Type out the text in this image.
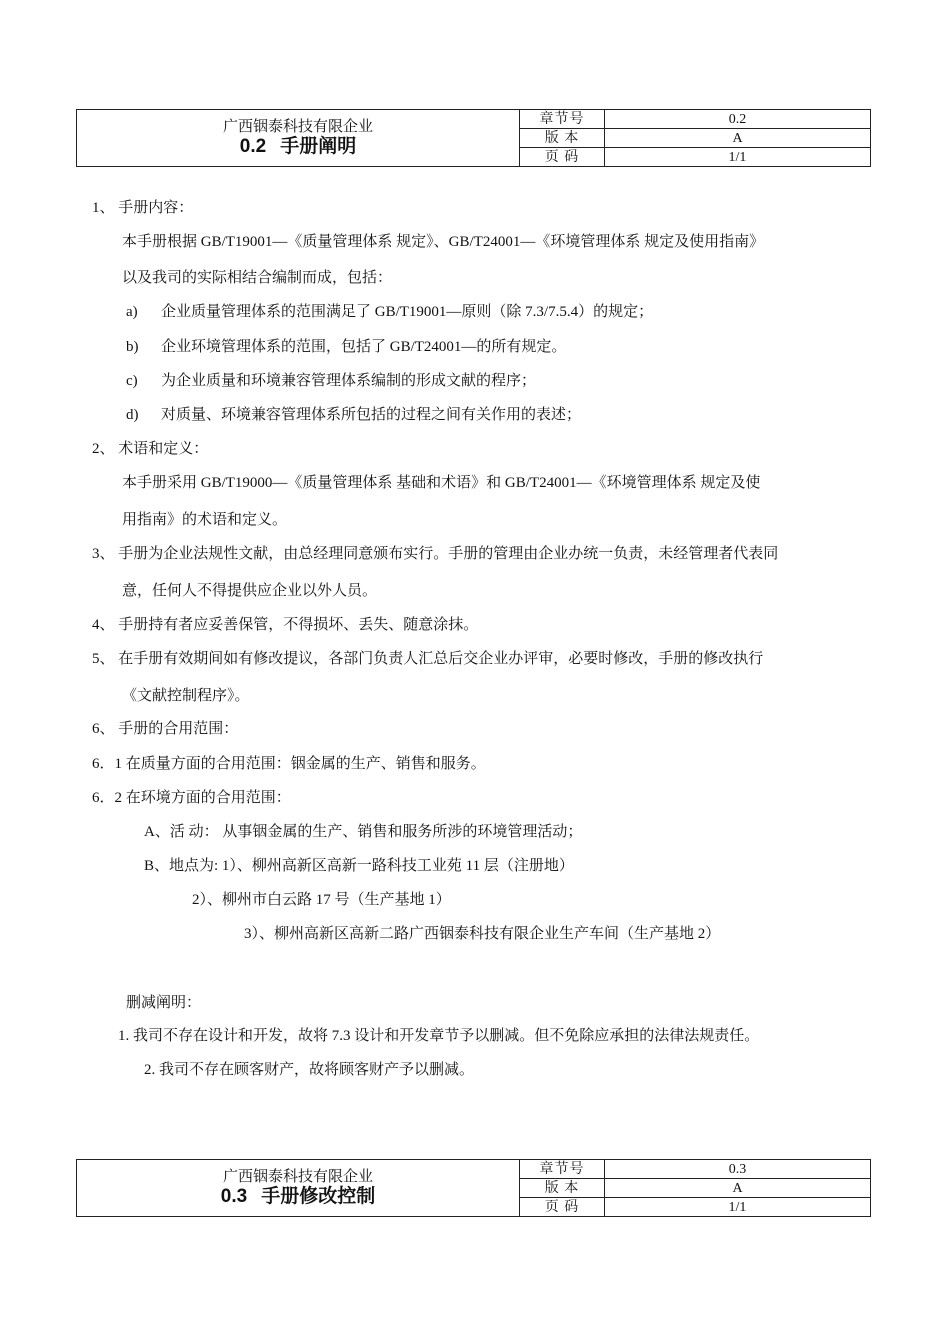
广西铟泰科技有限企业
0.2 手册阐明	章节号	0.2
	版 本	A
	页 码	1/1
1、 手册内容：
本手册根据 GB/T19001—《质量管理体系 规定》、GB/T24001—《环境管理体系 规定及使用指南》
以及我司的实际相结合编制而成，包括：
a) 企业质量管理体系的范围满足了 GB/T19001—原则（除 7.3/7.5.4）的规定；
b) 企业环境管理体系的范围，包括了 GB/T24001—的所有规定。
c) 为企业质量和环境兼容管理体系编制的形成文献的程序；
d) 对质量、环境兼容管理体系所包括的过程之间有关作用的表述；
2、 术语和定义：
本手册采用 GB/T19000—《质量管理体系 基础和术语》和 GB/T24001—《环境管理体系 规定及使
用指南》的术语和定义。
3、 手册为企业法规性文献，由总经理同意颁布实行。手册的管理由企业办统一负责，未经管理者代表同
意，任何人不得提供应企业以外人员。
4、 手册持有者应妥善保管，不得损坏、丢失、随意涂抹。
5、 在手册有效期间如有修改提议，各部门负责人汇总后交企业办评审，必要时修改，手册的修改执行
《文献控制程序》。
6、 手册的合用范围：
6．1 在质量方面的合用范围：铟金属的生产、销售和服务。
6．2 在环境方面的合用范围：
A、活 动： 从事铟金属的生产、销售和服务所涉的环境管理活动；
B、地点为: 1）、柳州高新区高新一路科技工业苑 11 层（注册地）
2）、柳州市白云路 17 号（生产基地 1）
3）、柳州高新区高新二路广西铟泰科技有限企业生产车间（生产基地 2）
删减阐明：
1. 我司不存在设计和开发，故将 7.3 设计和开发章节予以删减。但不免除应承担的法律法规责任。
2. 我司不存在顾客财产，故将顾客财产予以删减。
广西铟泰科技有限企业
0.3 手册修改控制	章节号	0.3
	版 本	A
	页 码	1/1
